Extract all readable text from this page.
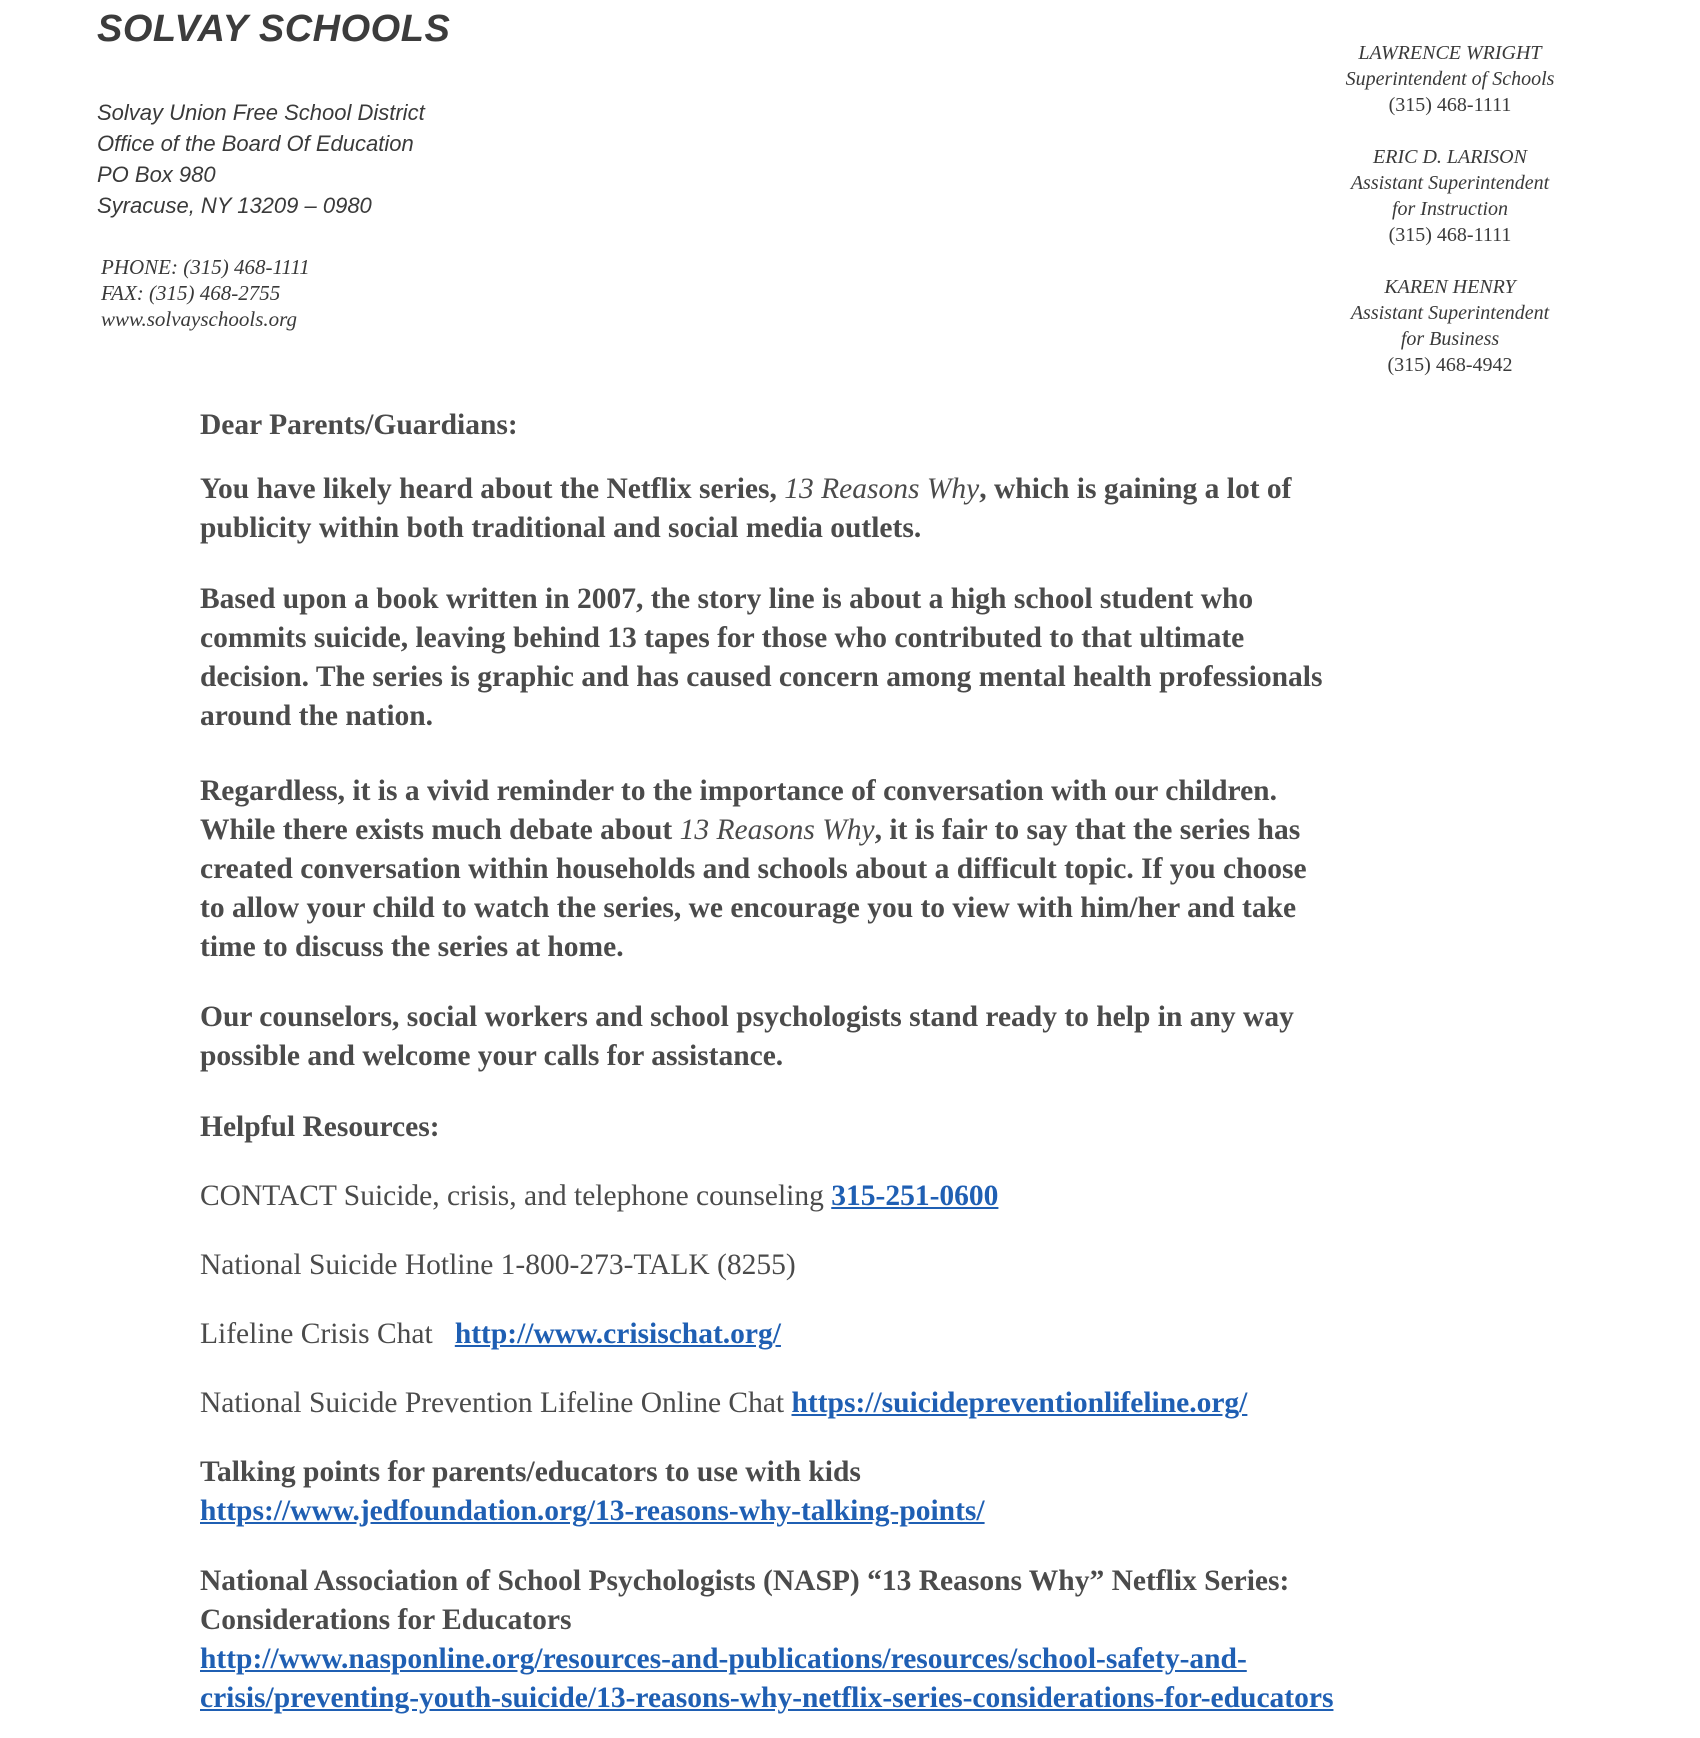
SOLVAY SCHOOLS
Solvay Union Free School District
Office of the Board Of Education
PO Box 980
Syracuse, NY 13209 – 0980
PHONE: (315) 468-1111
FAX: (315) 468-2755
www.solvayschools.org
LAWRENCE WRIGHT
Superintendent of Schools
(315) 468-1111
ERIC D. LARISON
Assistant Superintendent
for Instruction
(315) 468-1111
KAREN HENRY
Assistant Superintendent
for Business
(315) 468-4942

Dear Parents/Guardians:

You have likely heard about the Netflix series, 13 Reasons Why, which is gaining a lot of

publicity within both traditional and social media outlets.

Based upon a book written in 2007, the story line is about a high school student who

commits suicide, leaving behind 13 tapes for those who contributed to that ultimate

decision. The series is graphic and has caused concern among mental health professionals

around the nation.

Regardless, it is a vivid reminder to the importance of conversation with our children.

While there exists much debate about 13 Reasons Why, it is fair to say that the series has

created conversation within households and schools about a difficult topic. If you choose

to allow your child to watch the series, we encourage you to view with him/her and take

time to discuss the series at home.

Our counselors, social workers and school psychologists stand ready to help in any way

possible and welcome your calls for assistance.

Helpful Resources:

CONTACT Suicide, crisis, and telephone counseling 315-251-0600

National Suicide Hotline 1-800-273-TALK (8255)

Lifeline Crisis Chat   http://www.crisischat.org/

National Suicide Prevention Lifeline Online Chat https://suicidepreventionlifeline.org/

Talking points for parents/educators to use with kids

https://www.jedfoundation.org/13-reasons-why-talking-points/

National Association of School Psychologists (NASP) “13 Reasons Why” Netflix Series:

Considerations for Educators

http://www.nasponline.org/resources-and-publications/resources/school-safety-and-

crisis/preventing-youth-suicide/13-reasons-why-netflix-series-considerations-for-educators
